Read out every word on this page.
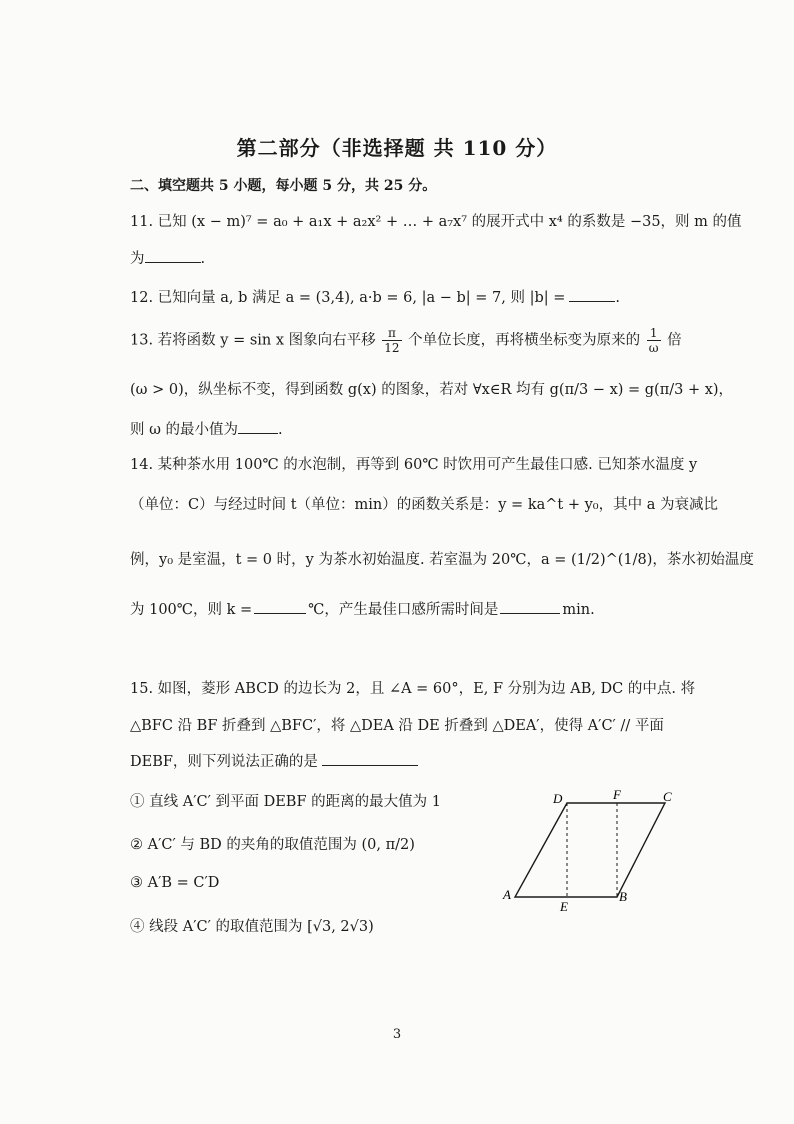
第二部分（非选择题 共 110 分）
二、填空题共 5 小题，每小题 5 分，共 25 分。
11. 已知 (x − m)⁷ = a₀ + a₁x + a₂x² + … + a₇x⁷ 的展开式中 x⁴ 的系数是 −35，则 m 的值
为	.
12. 已知向量 a, b 满足 a = (3,4), a·b = 6, |a − b| = 7, 则 |b| =	.
13. 若将函数 y = sin x 图象向右平移 $\frac{\pi}{12}$ 个单位长度，再将横坐标变为原来的 $\frac{1}{\omega}$ 倍
(ω > 0)，纵坐标不变，得到函数 g(x) 的图象，若对 ∀x∈R 均有 g(π/3 − x) = g(π/3 + x)，
则 ω 的最小值为	.
14. 某种茶水用 100℃ 的水泡制，再等到 60℃ 时饮用可产生最佳口感. 已知茶水温度 y
（单位：C）与经过时间 t（单位：min）的函数关系是：y = ka^t + y₀，其中 a 为衰减比
例，y₀ 是室温，t = 0 时，y 为茶水初始温度. 若室温为 20℃，a = (1/2)^(1/8)，茶水初始温度
为 100℃，则 k =	℃，产生最佳口感所需时间是	min.
15. 如图，菱形 ABCD 的边长为 2，且 ∠A = 60°，E, F 分别为边 AB, DC 的中点. 将
△BFC 沿 BF 折叠到 △BFC′，将 △DEA 沿 DE 折叠到 △DEA′，使得 A′C′ // 平面
DEBF，则下列说法正确的是
① 直线 A′C′ 到平面 DEBF 的距离的最大值为 1
② A′C′ 与 BD 的夹角的取值范围为 (0, π/2)
③ A′B = C′D
④ 线段 A′C′ 的取值范围为 [√3, 2√3)
D	F	C
A
E
B
3
